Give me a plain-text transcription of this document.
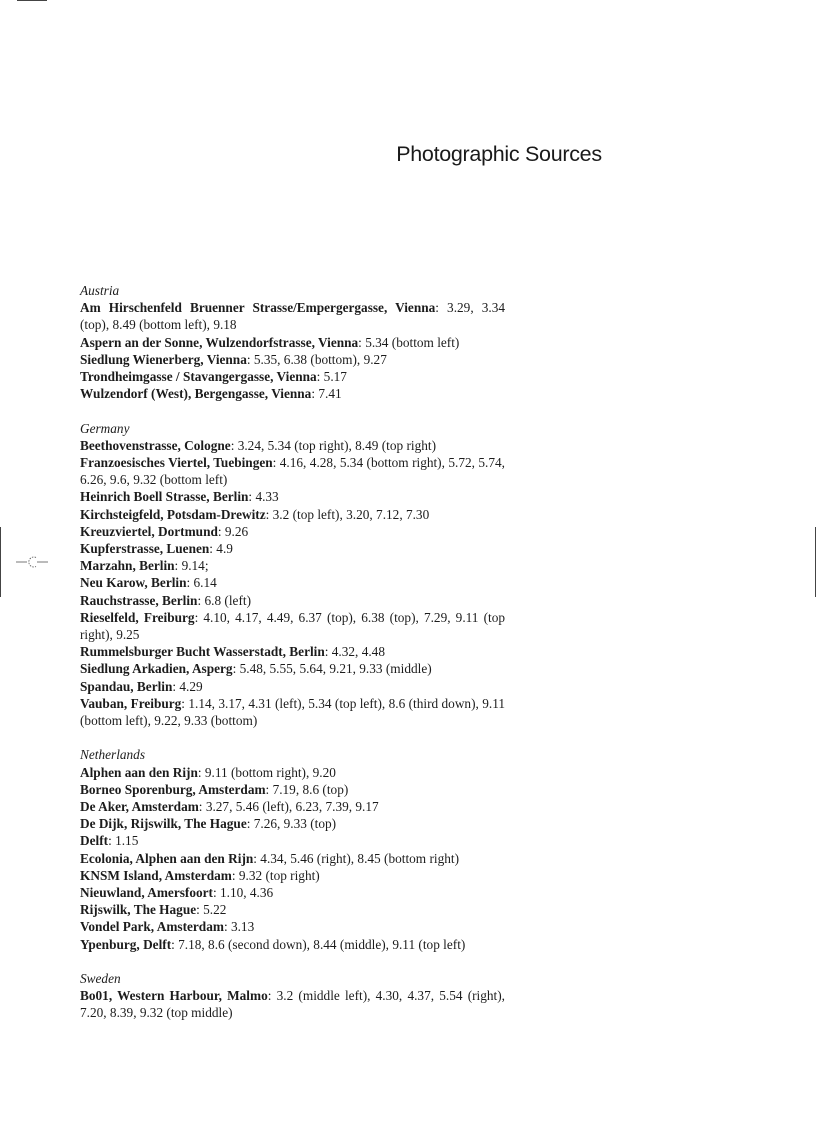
Photographic Sources
Austria

Am Hirschenfeld Bruenner Strasse/Empergergasse, Vienna: 3.29, 3.34 (top), 8.49 (bottom left), 9.18

Aspern an der Sonne, Wulzendorfstrasse, Vienna: 5.34 (bottom left)

Siedlung Wienerberg, Vienna: 5.35, 6.38 (bottom), 9.27

Trondheimgasse / Stavangergasse, Vienna: 5.17

Wulzendorf (West), Bergengasse, Vienna: 7.41

Germany

Beethovenstrasse, Cologne: 3.24, 5.34 (top right), 8.49 (top right)

Franzoesisches Viertel, Tuebingen: 4.16, 4.28, 5.34 (bottom right), 5.72, 5.74, 6.26, 9.6, 9.32 (bottom left)

Heinrich Boell Strasse, Berlin: 4.33

Kirchsteigfeld, Potsdam-Drewitz: 3.2 (top left), 3.20, 7.12, 7.30

Kreuzviertel, Dortmund: 9.26

Kupferstrasse, Luenen: 4.9

Marzahn, Berlin: 9.14;

Neu Karow, Berlin: 6.14

Rauchstrasse, Berlin: 6.8 (left)

Rieselfeld, Freiburg: 4.10, 4.17, 4.49, 6.37 (top), 6.38 (top), 7.29, 9.11 (top right), 9.25

Rummelsburger Bucht Wasserstadt, Berlin: 4.32, 4.48

Siedlung Arkadien, Asperg: 5.48, 5.55, 5.64, 9.21, 9.33 (middle)

Spandau, Berlin: 4.29

Vauban, Freiburg: 1.14, 3.17, 4.31 (left), 5.34 (top left), 8.6 (third down), 9.11 (bottom left), 9.22, 9.33 (bottom)

Netherlands

Alphen aan den Rijn: 9.11 (bottom right), 9.20

Borneo Sporenburg, Amsterdam: 7.19, 8.6 (top)

De Aker, Amsterdam: 3.27, 5.46 (left), 6.23, 7.39, 9.17

De Dijk, Rijswilk, The Hague: 7.26, 9.33 (top)

Delft: 1.15

Ecolonia, Alphen aan den Rijn: 4.34, 5.46 (right), 8.45 (bottom right)

KNSM Island, Amsterdam: 9.32 (top right)

Nieuwland, Amersfoort: 1.10, 4.36

Rijswilk, The Hague: 5.22

Vondel Park, Amsterdam: 3.13

Ypenburg, Delft: 7.18, 8.6 (second down), 8.44 (middle), 9.11 (top left)

Sweden

Bo01, Western Harbour, Malmo: 3.2 (middle left), 4.30, 4.37, 5.54 (right), 7.20, 8.39, 9.32 (top middle)
